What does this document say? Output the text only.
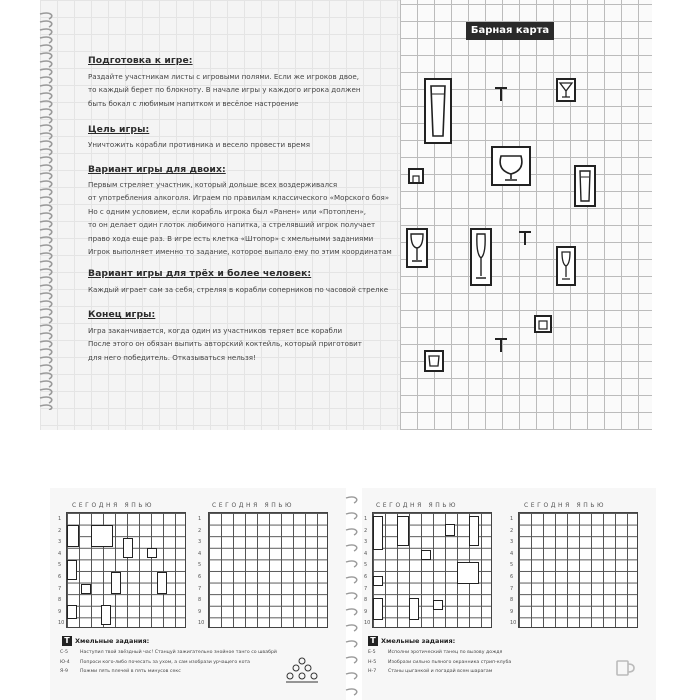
Подготовка к игре:
Раздайте участникам листы с игровыми полями. Если же игроков двое,
то каждый берет по блокноту. В начале игры у каждого игрока должен
быть бокал с любимым напитком и весёлое настроение
Цель игры:
Уничтожить корабли противника и весело провести время
Вариант игры для двоих:
Первым стреляет участник, который дольше всех воздерживался
от употребления алкоголя. Играем по правилам классического «Морского боя»
Но с одним условием, если корабль игрока был «Ранен» или «Потоплен»,
то он делает один глоток любимого напитка, а стрелявший игрок получает
право хода еще раз. В игре есть клетка «Штопор» с хмельными заданиями
Игрок выполняет именно то задание, которое выпало ему по этим координатам
Вариант игры для трёх и более человек:
Каждый играет сам за себя, стреляя в корабли соперников по часовой стрелке
Конец игры:
Игра заканчивается, когда один из участников теряет все корабли
После этого он обязан выпить авторский коктейль, который приготовит
для него победитель. Отказываться нельзя!
Барная карта
СЕГОДНЯ ЯПЬЮ	СЕГОДНЯ ЯПЬЮ	СЕГОДНЯ ЯПЬЮ	СЕГОДНЯ ЯПЬЮ
1
2
3
4
5
6
7
8
9
10
1
2
3
4
5
6
7
8
9
10
1
2
3
4
5
6
7
8
9
10
1
2
3
4
5
6
7
8
9
10
T Хмельные задания:
С-5	Наступил твой звёздный час! Станцуй зажигательно знойное танго со швабрй
Ю-4 Попроси кого-либо почесать за ухом, а сам изобрази урчащего кота
Я-9	Пожми пять плечей в пять минусов секс
T Хмельные задания:
Е-5	Исполни эротический танец по вызову дождя
Н-5	Изобрази сильно пьяного окранника стрип-клуба
Н-7	Станы цыганкой и погадай всем шарагам
